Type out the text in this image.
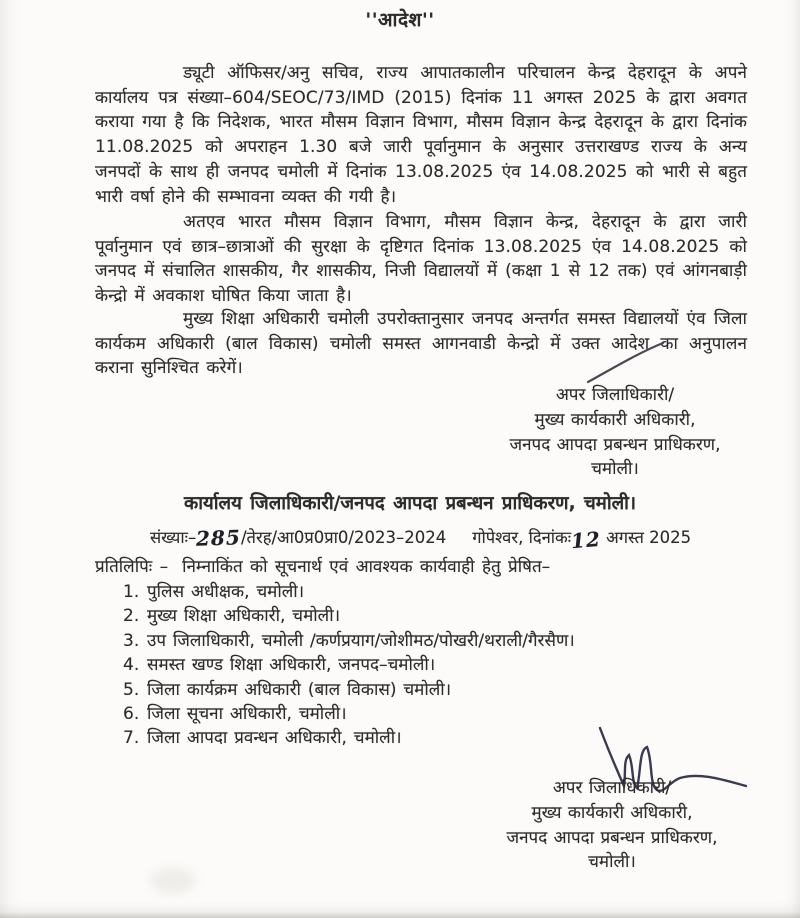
''आदेश''

ड्यूटी ऑफिसर/अनु सचिव, राज्य आपातकालीन परिचालन केन्द्र देहरादून के अपने कार्यालय पत्र संख्या–604/SEOC/73/IMD (2015) दिनांक 11 अगस्त 2025 के द्वारा अवगत कराया गया है कि निदेशक, भारत मौसम विज्ञान विभाग, मौसम विज्ञान केन्द्र देहरादून के द्वारा दिनांक 11.08.2025 को अपराहन 1.30 बजे जारी पूर्वानुमान के अनुसार उत्तराखण्ड राज्य के अन्य जनपदों के साथ ही जनपद चमोली में दिनांक 13.08.2025 एंव 14.08.2025 को भारी से बहुत भारी वर्षा होने की सम्भावना व्यक्त की गयी है।

अतएव भारत मौसम विज्ञान विभाग, मौसम विज्ञान केन्द्र, देहरादून के द्वारा जारी पूर्वानुमान एवं छात्र–छात्राओं की सुरक्षा के दृष्टिगत दिनांक 13.08.2025 एंव 14.08.2025 को जनपद में संचालित शासकीय, गैर शासकीय, निजी विद्यालयों में (कक्षा 1 से 12 तक) एवं आंगनबाड़ी केन्द्रो में अवकाश घोषित किया जाता है।

मुख्य शिक्षा अधिकारी चमोली उपरोक्तानुसार जनपद अन्तर्गत समस्त विद्यालयों एंव जिला कार्यकम अधिकारी (बाल विकास) चमोली समस्त आगनवाडी केन्द्रो में उक्त आदेश का अनुपालन कराना सुनिश्चित करेगें।

अपर जिलाधिकारी/
मुख्य कार्यकारी अधिकारी,
जनपद आपदा प्रबन्धन प्राधिकरण,
चमोली।
कार्यालय जिलाधिकारी/जनपद आपदा प्रबन्धन प्राधिकरण, चमोली।
संख्याः–285/तेरह/आ0प्र0प्रा0/2023–2024 गोपेश्वर, दिनांकः12 अगस्त 2025
प्रतिलिपिः – निम्नाकिंत को सूचनार्थ एवं आवश्यक कार्यवाही हेतु प्रेषित–
1. पुलिस अधीक्षक, चमोली।
2. मुख्य शिक्षा अधिकारी, चमोली।
3. उप जिलाधिकारी, चमोली /कर्णप्रयाग/जोशीमठ/पोखरी/थराली/गैरसैण।
4. समस्त खण्ड शिक्षा अधिकारी, जनपद–चमोली।
5. जिला कार्यक्रम अधिकारी (बाल विकास) चमोली।
6. जिला सूचना अधिकारी, चमोली।
7. जिला आपदा प्रवन्धन अधिकारी, चमोली।
अपर जिलाधिकारी/
मुख्य कार्यकारी अधिकारी,
जनपद आपदा प्रबन्धन प्राधिकरण,
चमोली।
